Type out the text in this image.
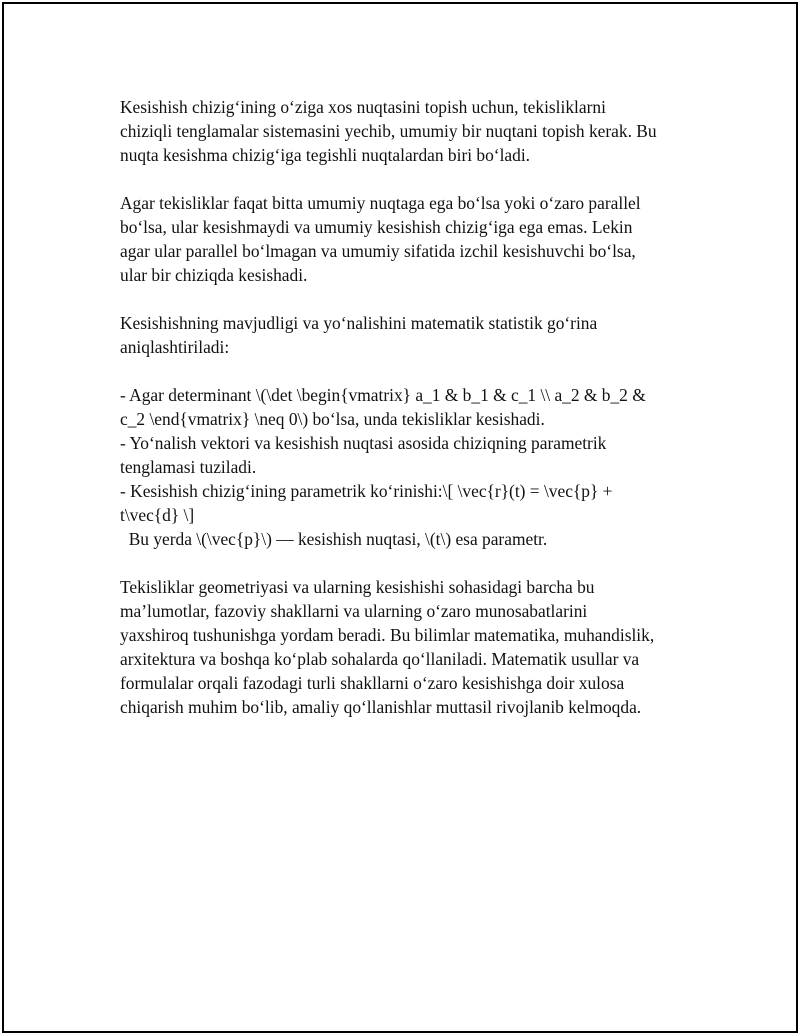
Kesishish chizig‘ining o‘ziga xos nuqtasini topish uchun, tekisliklarni
chiziqli tenglamalar sistemasini yechib, umumiy bir nuqtani topish kerak. Bu
nuqta kesishma chizig‘iga tegishli nuqtalardan biri bo‘ladi.

Agar tekisliklar faqat bitta umumiy nuqtaga ega bo‘lsa yoki o‘zaro parallel
bo‘lsa, ular kesishmaydi va umumiy kesishish chizig‘iga ega emas. Lekin
agar ular parallel bo‘lmagan va umumiy sifatida izchil kesishuvchi bo‘lsa,
ular bir chiziqda kesishadi.

Kesishishning mavjudligi va yo‘nalishini matematik statistik go‘rina
aniqlashtiriladi:

- Agar determinant \(\det \begin{vmatrix} a_1 & b_1 & c_1 \\ a_2 & b_2 &
c_2 \end{vmatrix} \neq 0\) bo‘lsa, unda tekisliklar kesishadi.
- Yo‘nalish vektori va kesishish nuqtasi asosida chiziqning parametrik
tenglamasi tuziladi.
- Kesishish chizig‘ining parametrik ko‘rinishi:\[ \vec{r}(t) = \vec{p} +
t\vec{d} \]
Bu yerda \(\vec{p}\) — kesishish nuqtasi, \(t\) esa parametr.

Tekisliklar geometriyasi va ularning kesishishi sohasidagi barcha bu
ma’lumotlar, fazoviy shakllarni va ularning o‘zaro munosabatlarini
yaxshiroq tushunishga yordam beradi. Bu bilimlar matematika, muhandislik,
arxitektura va boshqa ko‘plab sohalarda qo‘llaniladi. Matematik usullar va
formulalar orqali fazodagi turli shakllarni o‘zaro kesishishga doir xulosa
chiqarish muhim bo‘lib, amaliy qo‘llanishlar muttasil rivojlanib kelmoqda.
